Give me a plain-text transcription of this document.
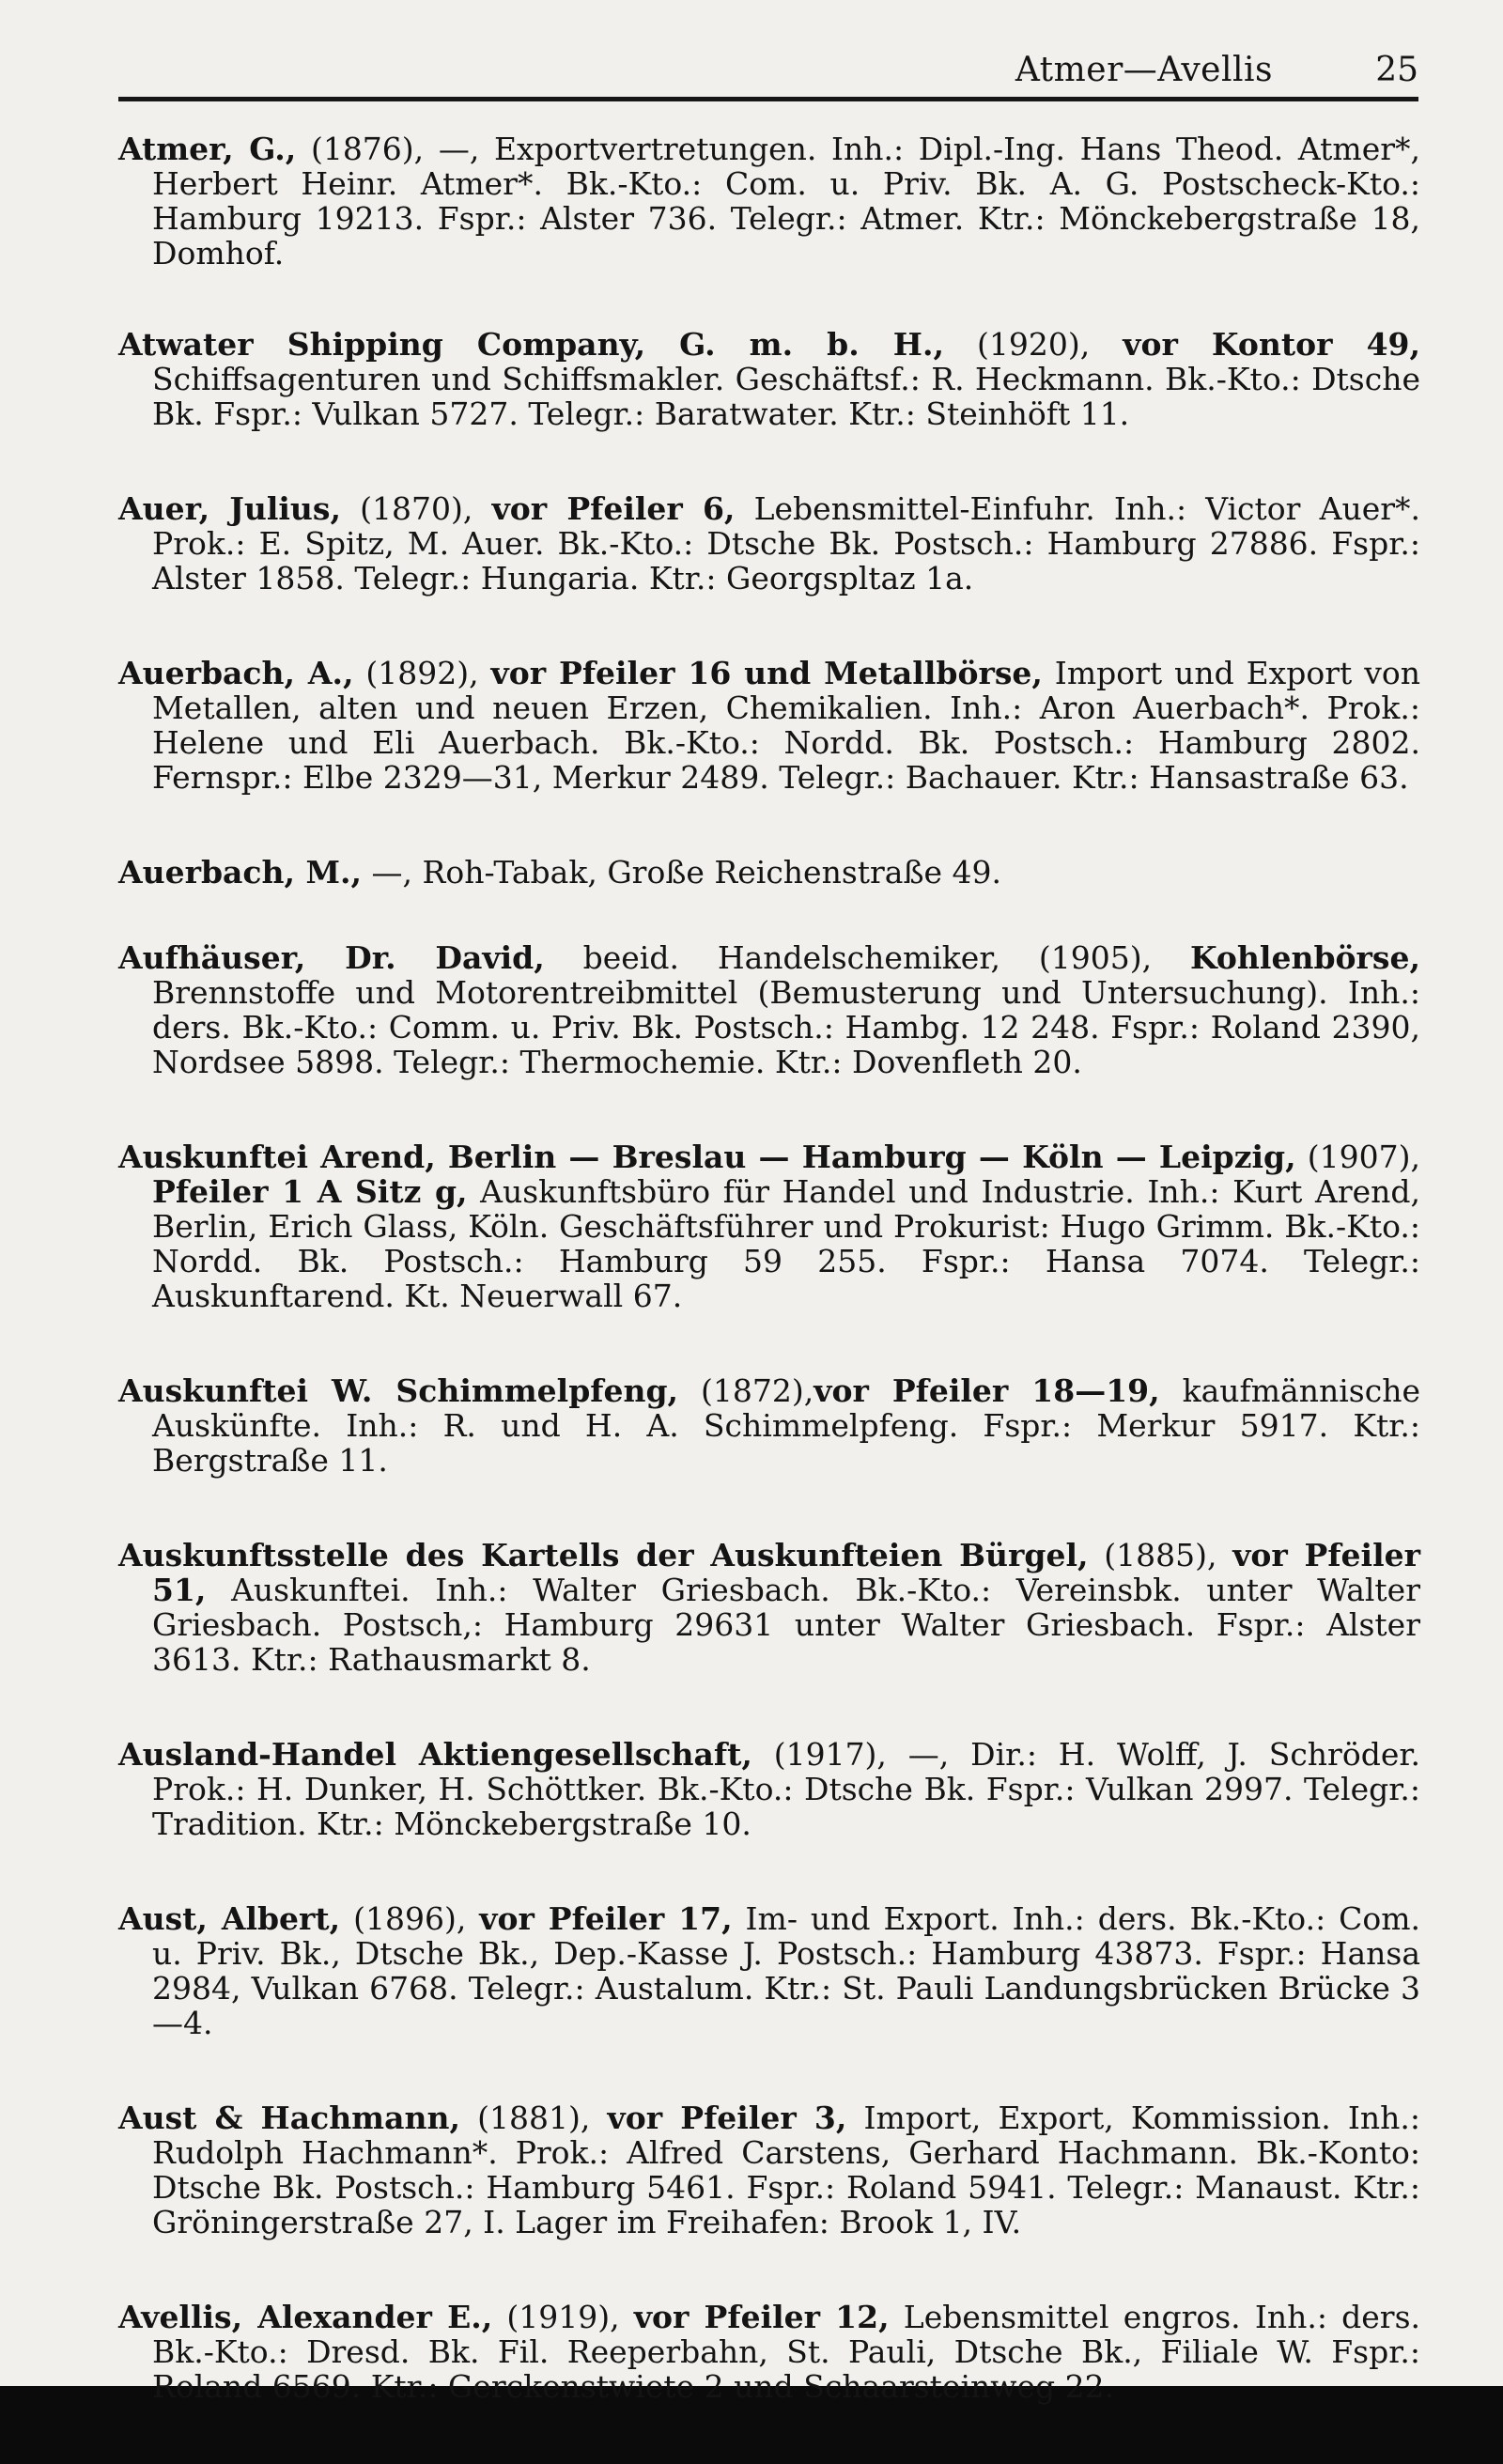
Atmer—Avellis	25

Atmer, G., (1876), —, Exportvertretungen. Inh.: Dipl.-Ing. Hans Theod. Atmer*, Herbert Heinr. Atmer*. Bk.-Kto.: Com. u. Priv. Bk. A. G. Postscheck-Kto.: Hamburg 19213. Fspr.: Alster 736. Telegr.: Atmer. Ktr.: Mönckebergstraße 18, Domhof.

Atwater Shipping Company, G. m. b. H., (1920), vor Kontor 49, Schiffsagenturen und Schiffsmakler. Geschäftsf.: R. Heckmann. Bk.-Kto.: Dtsche Bk. Fspr.: Vulkan 5727. Telegr.: Baratwater. Ktr.: Steinhöft 11.

Auer, Julius, (1870), vor Pfeiler 6, Lebensmittel-Einfuhr. Inh.: Victor Auer*. Prok.: E. Spitz, M. Auer. Bk.-Kto.: Dtsche Bk. Postsch.: Hamburg 27886. Fspr.: Alster 1858. Telegr.: Hungaria. Ktr.: Georgspltaz 1a.

Auerbach, A., (1892), vor Pfeiler 16 und Metallbörse, Import und Export von Metallen, alten und neuen Erzen, Chemikalien. Inh.: Aron Auerbach*. Prok.: Helene und Eli Auerbach. Bk.-Kto.: Nordd. Bk. Postsch.: Hamburg 2802. Fernspr.: Elbe 2329—31, Merkur 2489. Telegr.: Bachauer. Ktr.: Hansastraße 63.

Auerbach, M., —, Roh-Tabak, Große Reichenstraße 49.

Aufhäuser, Dr. David, beeid. Handelschemiker, (1905), Kohlenbörse, Brennstoffe und Motorentreibmittel (Bemusterung und Untersuchung). Inh.: ders. Bk.-Kto.: Comm. u. Priv. Bk. Postsch.: Hambg. 12 248. Fspr.: Roland 2390, Nordsee 5898. Telegr.: Thermochemie. Ktr.: Dovenfleth 20.

Auskunftei Arend, Berlin — Breslau — Hamburg — Köln — Leipzig, (1907), Pfeiler 1 A Sitz g, Auskunftsbüro für Handel und Industrie. Inh.: Kurt Arend, Berlin, Erich Glass, Köln. Geschäftsführer und Prokurist: Hugo Grimm. Bk.-Kto.: Nordd. Bk. Postsch.: Hamburg 59 255. Fspr.: Hansa 7074. Telegr.: Auskunftarend. Kt. Neuerwall 67.

Auskunftei W. Schimmelpfeng, (1872),vor Pfeiler 18—19, kaufmännische Auskünfte. Inh.: R. und H. A. Schimmelpfeng. Fspr.: Merkur 5917. Ktr.: Bergstraße 11.

Auskunftsstelle des Kartells der Auskunfteien Bürgel, (1885), vor Pfeiler 51, Auskunftei. Inh.: Walter Griesbach. Bk.-Kto.: Vereinsbk. unter Walter Griesbach. Postsch,: Hamburg 29631 unter Walter Griesbach. Fspr.: Alster 3613. Ktr.: Rathausmarkt 8.

Ausland-Handel Aktiengesellschaft, (1917), —, Dir.: H. Wolff, J. Schröder. Prok.: H. Dunker, H. Schöttker. Bk.-Kto.: Dtsche Bk. Fspr.: Vulkan 2997. Telegr.: Tradition. Ktr.: Mönckebergstraße 10.

Aust, Albert, (1896), vor Pfeiler 17, Im- und Export. Inh.: ders. Bk.-Kto.: Com. u. Priv. Bk., Dtsche Bk., Dep.-Kasse J. Postsch.: Hamburg 43873. Fspr.: Hansa 2984, Vulkan 6768. Telegr.: Austalum. Ktr.: St. Pauli Landungsbrücken Brücke 3—4.

Aust & Hachmann, (1881), vor Pfeiler 3, Import, Export, Kommission. Inh.: Rudolph Hachmann*. Prok.: Alfred Carstens, Gerhard Hachmann. Bk.-Konto: Dtsche Bk. Postsch.: Hamburg 5461. Fspr.: Roland 5941. Telegr.: Manaust. Ktr.: Gröningerstraße 27, I. Lager im Freihafen: Brook 1, IV.

Avellis, Alexander E., (1919), vor Pfeiler 12, Lebensmittel engros. Inh.: ders. Bk.-Kto.: Dresd. Bk. Fil. Reeperbahn, St. Pauli, Dtsche Bk., Filiale W. Fspr.: Roland 6569. Ktr.: Gerckenstwiete 2 und Schaarsteinweg 22.
